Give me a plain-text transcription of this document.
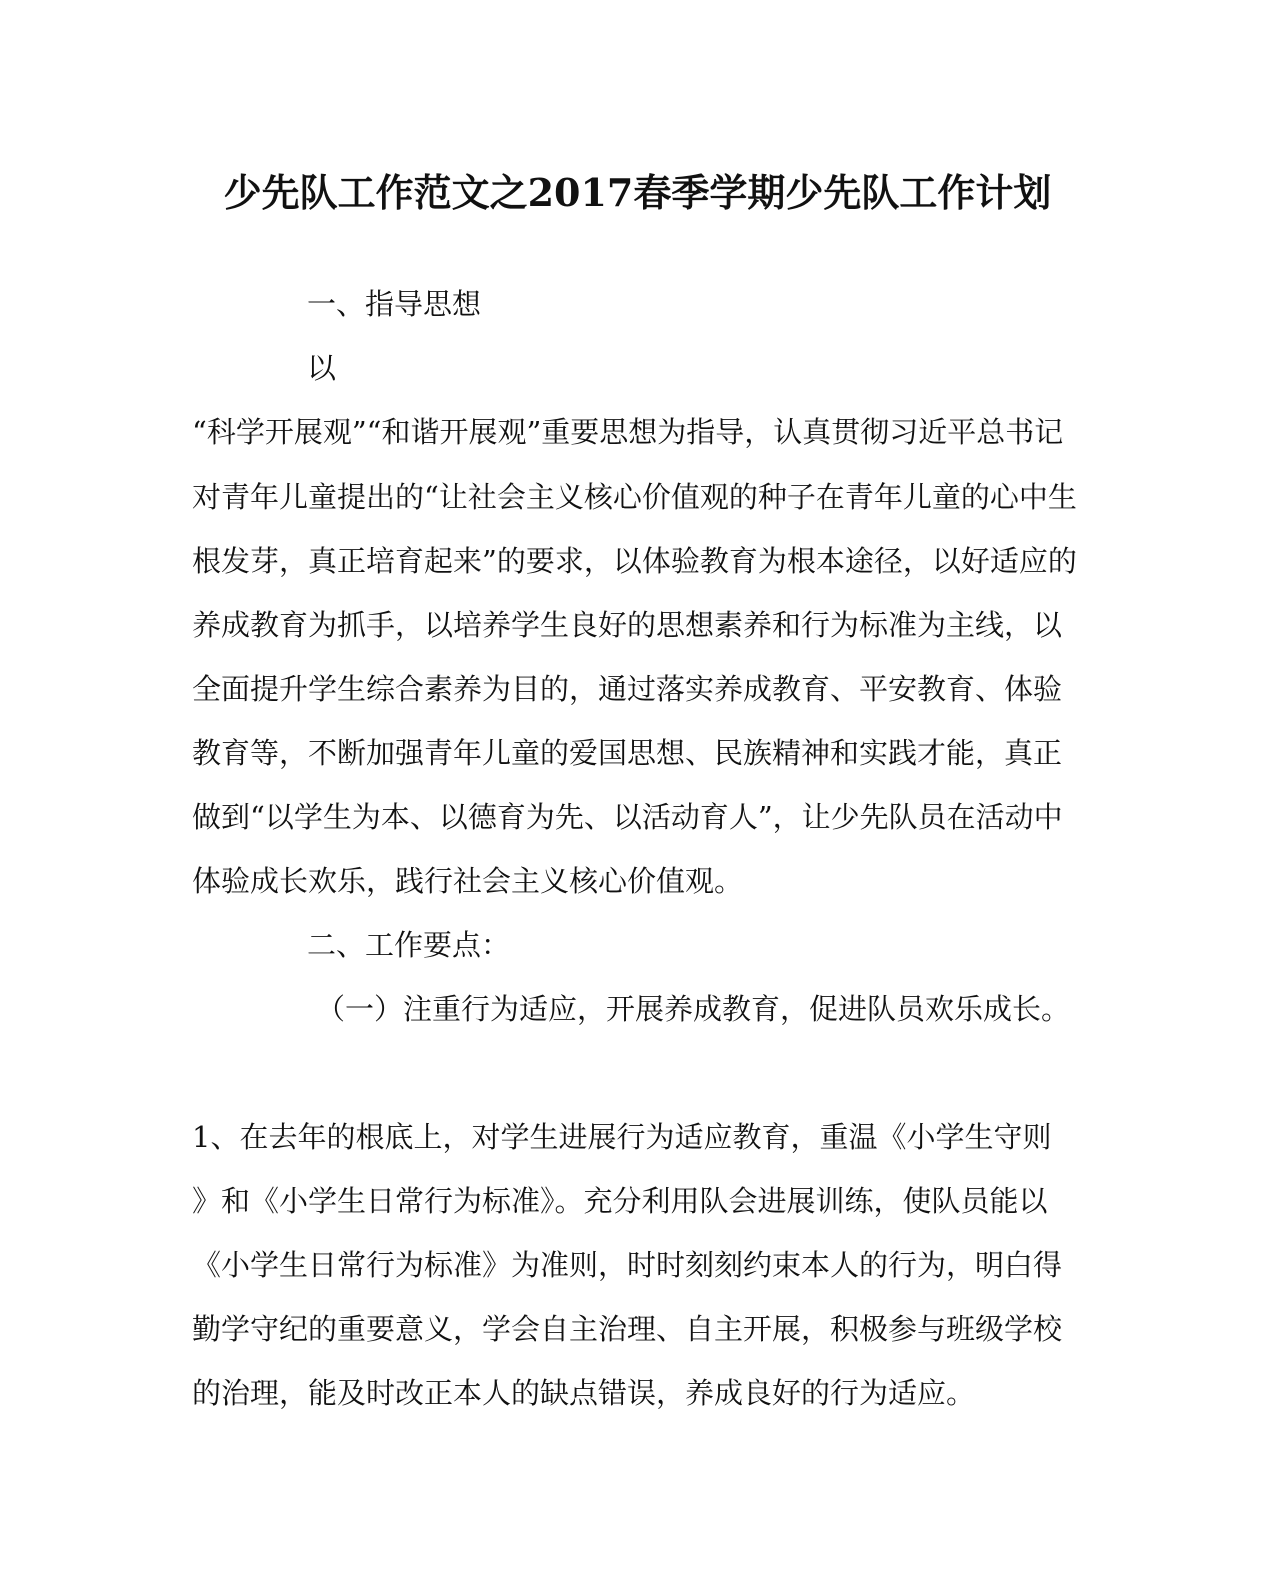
少先队工作范文之2017春季学期少先队工作计划
一、指导思想
以
“科学开展观”“和谐开展观”重要思想为指导，认真贯彻习近平总书记
对青年儿童提出的“让社会主义核心价值观的种子在青年儿童的心中生
根发芽，真正培育起来”的要求，以体验教育为根本途径，以好适应的
养成教育为抓手，以培养学生良好的思想素养和行为标准为主线，以
全面提升学生综合素养为目的，通过落实养成教育、平安教育、体验
教育等，不断加强青年儿童的爱国思想、民族精神和实践才能，真正
做到“以学生为本、以德育为先、以活动育人”，让少先队员在活动中
体验成长欢乐，践行社会主义核心价值观。
二、工作要点：
（一）注重行为适应，开展养成教育，促进队员欢乐成长。
1、在去年的根底上，对学生进展行为适应教育，重温《小学生守则
》和《小学生日常行为标准》。充分利用队会进展训练，使队员能以
《小学生日常行为标准》为准则，时时刻刻约束本人的行为，明白得
勤学守纪的重要意义，学会自主治理、自主开展，积极参与班级学校
的治理，能及时改正本人的缺点错误，养成良好的行为适应。
